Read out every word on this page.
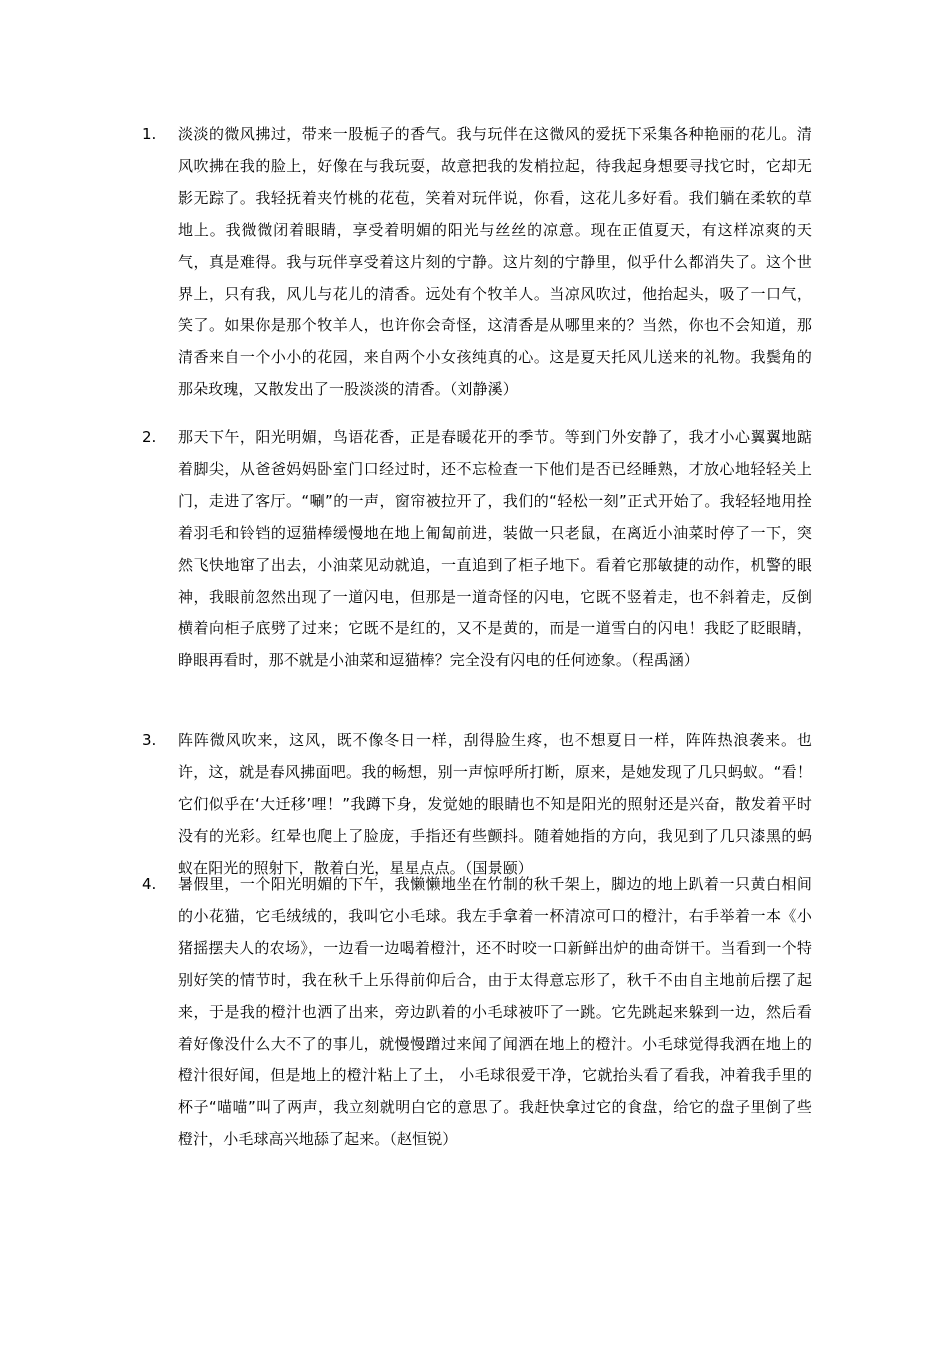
1. 淡淡的微风拂过，带来一股栀子的香气。我与玩伴在这微风的爱抚下采集各种艳丽的花儿。清风吹拂在我的脸上，好像在与我玩耍，故意把我的发梢拉起，待我起身想要寻找它时，它却无影无踪了。我轻抚着夹竹桃的花苞，笑着对玩伴说，你看，这花儿多好看。我们躺在柔软的草地上。我微微闭着眼睛，享受着明媚的阳光与丝丝的凉意。现在正值夏天，有这样凉爽的天气，真是难得。我与玩伴享受着这片刻的宁静。这片刻的宁静里，似乎什么都消失了。这个世界上，只有我，风儿与花儿的清香。远处有个牧羊人。当凉风吹过，他抬起头，吸了一口气，笑了。如果你是那个牧羊人，也许你会奇怪，这清香是从哪里来的？当然，你也不会知道，那清香来自一个小小的花园，来自两个小女孩纯真的心。这是夏天托风儿送来的礼物。我鬓角的那朵玫瑰，又散发出了一股淡淡的清香。（刘静溪）
2. 那天下午，阳光明媚，鸟语花香，正是春暖花开的季节。等到门外安静了，我才小心翼翼地踮着脚尖，从爸爸妈妈卧室门口经过时，还不忘检查一下他们是否已经睡熟，才放心地轻轻关上门，走进了客厅。“唰”的一声，窗帘被拉开了，我们的“轻松一刻”正式开始了。我轻轻地用拴着羽毛和铃铛的逗猫棒缓慢地在地上匍匐前进，装做一只老鼠，在离近小油菜时停了一下，突然飞快地窜了出去，小油菜见动就追，一直追到了柜子地下。看着它那敏捷的动作，机警的眼神，我眼前忽然出现了一道闪电，但那是一道奇怪的闪电，它既不竖着走，也不斜着走，反倒横着向柜子底劈了过来；它既不是红的，又不是黄的，而是一道雪白的闪电！我眨了眨眼睛，睁眼再看时，那不就是小油菜和逗猫棒？完全没有闪电的任何迹象。（程禹涵）
3. 阵阵微风吹来，这风，既不像冬日一样，刮得脸生疼，也不想夏日一样，阵阵热浪袭来。也许，这，就是春风拂面吧。我的畅想，别一声惊呼所打断，原来，是她发现了几只蚂蚁。“看！它们似乎在‘大迁移’哩！”我蹲下身，发觉她的眼睛也不知是阳光的照射还是兴奋，散发着平时没有的光彩。红晕也爬上了脸庞，手指还有些颤抖。随着她指的方向，我见到了几只漆黑的蚂蚁在阳光的照射下，散着白光，星星点点。（国景颐）
4. 暑假里，一个阳光明媚的下午，我懒懒地坐在竹制的秋千架上，脚边的地上趴着一只黄白相间的小花猫，它毛绒绒的，我叫它小毛球。我左手拿着一杯清凉可口的橙汁，右手举着一本《小猪摇摆夫人的农场》，一边看一边喝着橙汁，还不时咬一口新鲜出炉的曲奇饼干。当看到一个特别好笑的情节时，我在秋千上乐得前仰后合，由于太得意忘形了，秋千不由自主地前后摆了起来，于是我的橙汁也洒了出来，旁边趴着的小毛球被吓了一跳。它先跳起来躲到一边，然后看着好像没什么大不了的事儿，就慢慢蹭过来闻了闻洒在地上的橙汁。小毛球觉得我洒在地上的橙汁很好闻，但是地上的橙汁粘上了土， 小毛球很爱干净，它就抬头看了看我，冲着我手里的杯子“喵喵”叫了两声，我立刻就明白它的意思了。我赶快拿过它的食盘，给它的盘子里倒了些橙汁，小毛球高兴地舔了起来。（赵恒锐）
